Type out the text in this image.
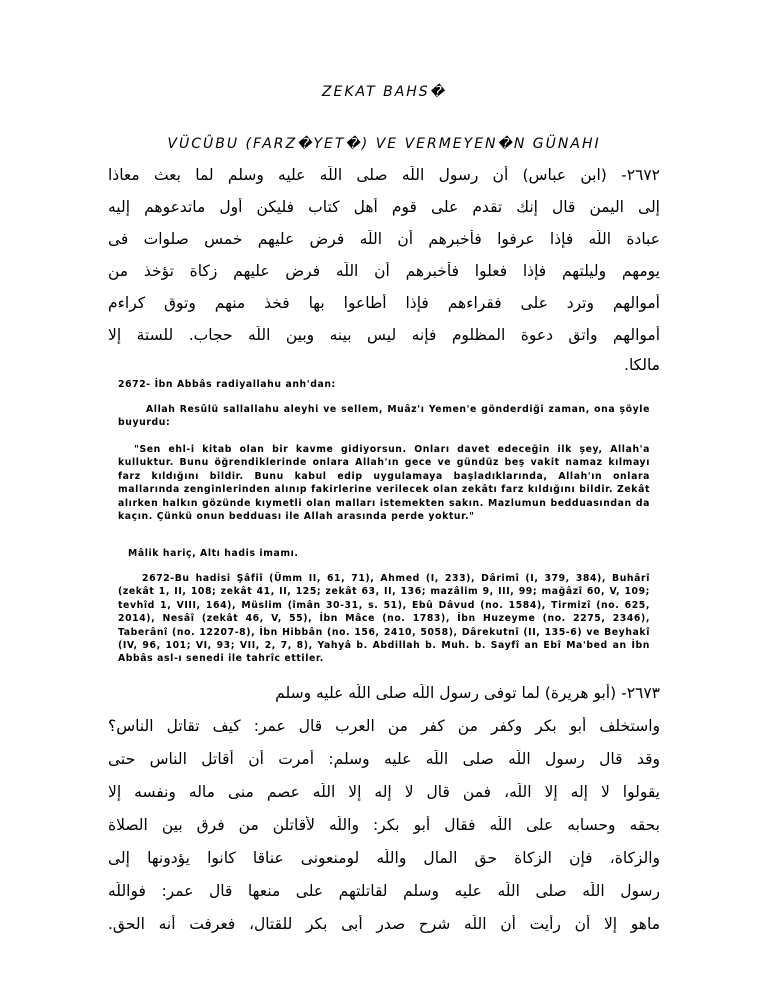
ZEKAT BAHS�
VÜCÛBU (FARZ�YET�) VE VERMEYEN�N GÜNAHI
٢٦٧٢- (ابن عباس) أن رسول اللّه صلى اللّه عليه وسلم لما بعث معاذا
إلى اليمن قال إنك تقدم على قوم أهل كتاب فليكن أول ماتدعوهم إليه
عبادة اللّه فإذا عرفوا فأخبرهم أن اللّه فرض عليهم خمس صلوات فى
يومهم وليلتهم فإذا فعلوا فأخبرهم أن اللّه فرض عليهم زكاة تؤخذ من
أموالهم وترد على فقراءهم فإذا أطاعوا بها فخذ منهم وتوق كراءم
أموالهم واتق دعوة المظلوم فإنه ليس بينه وبين اللّه حجاب. للستة إلا
مالكا.
2672- İbn Abbâs radiyallahu anh'dan:
Allah Resûlü sallallahu aleyhi ve sellem, Muâz'ı Yemen'e gönderdiği zaman, ona şöyle buyurdu:
"Sen ehl-i kitab olan bir kavme gidiyorsun. Onları davet edeceğin ilk şey, Allah'a kulluktur. Bunu öğrendiklerinde onlara Allah'ın gece ve gündüz beş vakit namaz kılmayı farz kıldığını bildir. Bunu kabul edip uygulamaya başladıklarında, Allah'ın onlara mallarında zenginlerinden alınıp fakirlerine verilecek olan zekâtı farz kıldığını bildir. Zekât alırken halkın gözünde kıymetli olan malları istemekten sakın. Mazlumun bedduasından da kaçın. Çünkü onun bedduası ile Allah arasında perde yoktur."
Mâlik hariç, Altı hadis imamı.
2672-Bu hadisi Şâfiî (Ümm II, 61, 71), Ahmed (I, 233), Dârimî (I, 379, 384), Buhârî (zekât 1, II, 108; zekât 41, II, 125; zekât 63, II, 136; mazâlim 9, III, 99; mağâzî 60, V, 109; tevhîd 1, VIII, 164), Müslim (îmân 30-31, s. 51), Ebû Dâvud (no. 1584), Tirmizî (no. 625, 2014), Nesâî (zekât 46, V, 55), İbn Mâce (no. 1783), İbn Huzeyme (no. 2275, 2346), Taberânî (no. 12207-8), İbn Hibbân (no. 156, 2410, 5058), Dârekutnî (II, 135-6) ve Beyhakî (IV, 96, 101; VI, 93; VII, 2, 7, 8), Yahyâ b. Abdillah b. Muh. b. Sayfî an Ebî Ma'bed an İbn Abbâs asl-ı senedi ile tahrîc ettiler.
٢٦٧٣- (أبو هريرة) لما توفى رسول اللّه صلى اللّه عليه وسلم
واستخلف أبو بكر وكفر من كفر من العرب قال عمر: كيف تقاتل الناس؟
وقد قال رسول اللّه صلى اللّه عليه وسلم: أمرت أن أقاتل الناس حتى
يقولوا لا إله إلا اللّه، فمن قال لا إله إلا اللّه عصم منى ماله ونفسه إلا
بحقه وحسابه على اللّه فقال أبو بكر: واللّه لأقاتلن من فرق بين الصلاة
والزكاة، فإن الزكاة حق المال واللّه لومنعونى عناقا كانوا يؤدونها إلى
رسول اللّه صلى اللّه عليه وسلم لقاتلتهم على منعها قال عمر: فواللّه
ماهو إلا أن رأيت أن اللّه شرح صدر أبى بكر للقتال، فعرفت أنه الحق.
